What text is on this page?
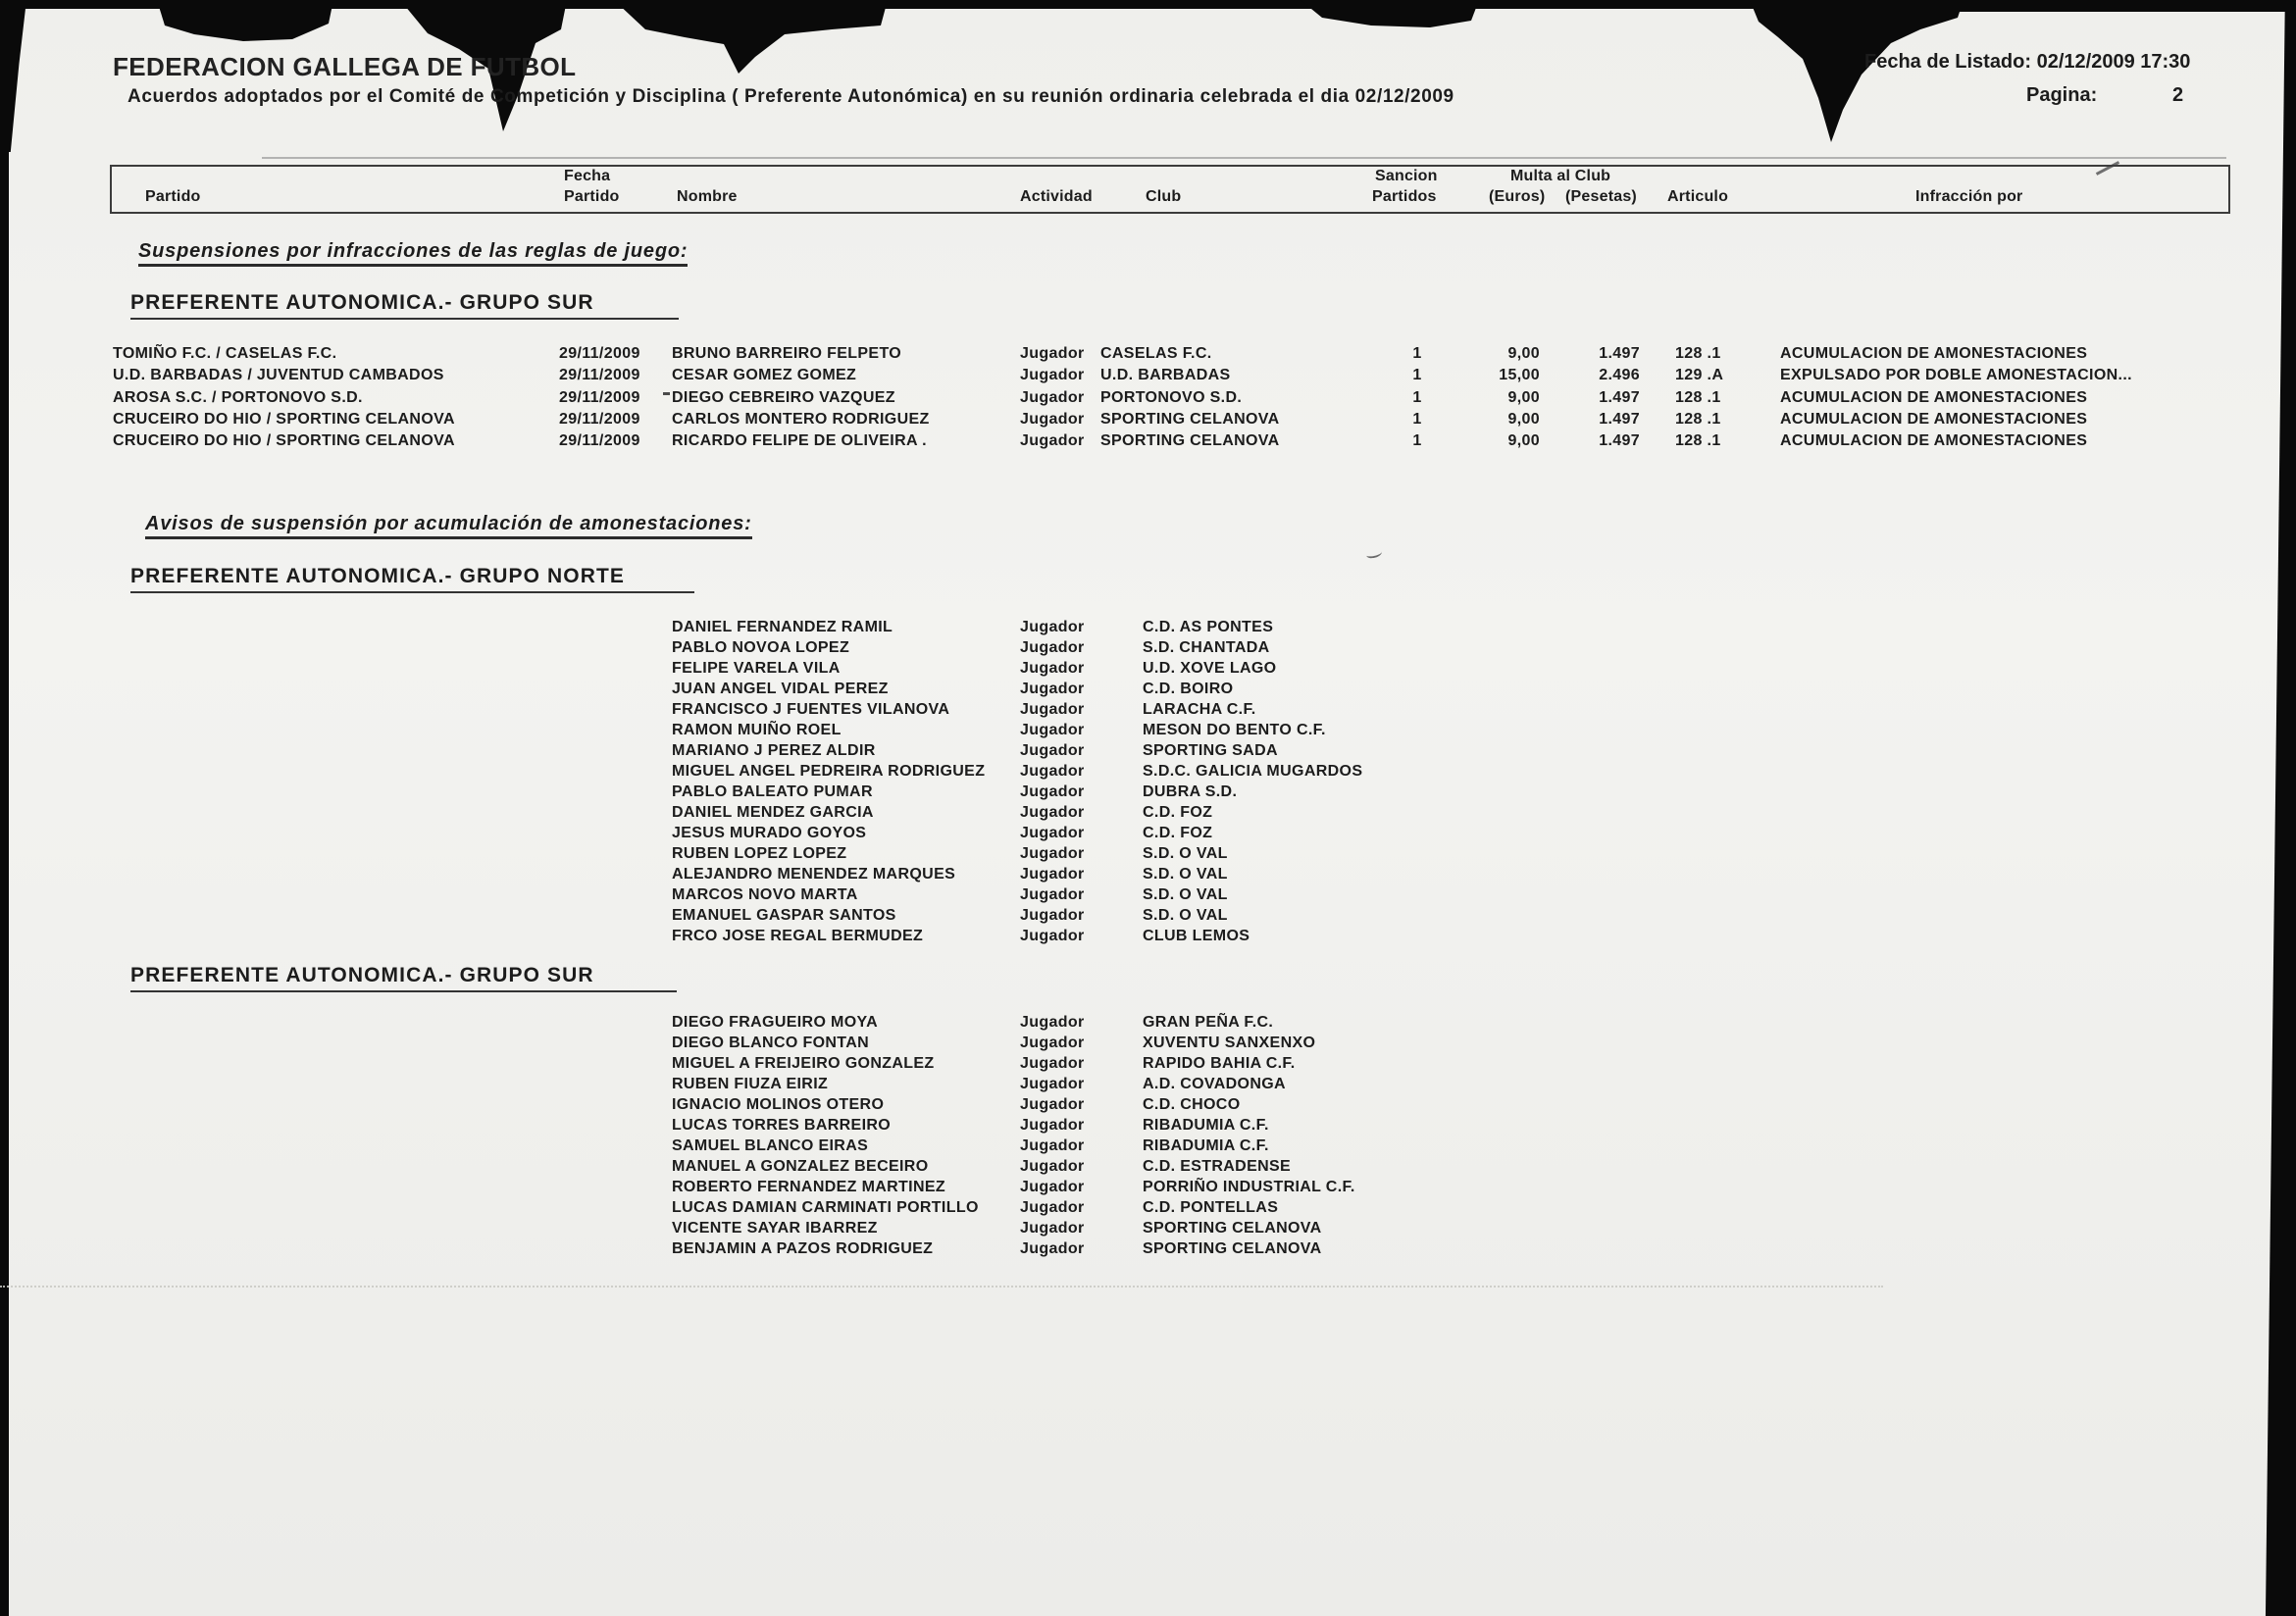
FEDERACION GALLEGA DE FUTBOL
Acuerdos adoptados por el Comité de Competición y Disciplina ( Preferente Autonómica) en su reunión ordinaria celebrada el dia 02/12/2009
Fecha de Listado: 02/12/2009 17:30
Pagina:	2
Partido
Fecha
Partido	Nombre	Actividad	Club
Sancion
Partidos
Multa al Club
(Euros) (Pesetas) Articulo	Infracción por
Suspensiones por infracciones de las reglas de juego:
PREFERENTE AUTONOMICA.- GRUPO SUR
TOMIÑO F.C. / CASELAS F.C.	29/11/2009 BRUNO BARREIRO FELPETO	Jugador CASELAS F.C.	1	9,00	1.497 128 .1	ACUMULACION DE AMONESTACIONES
U.D. BARBADAS / JUVENTUD CAMBADOS	29/11/2009 CESAR GOMEZ GOMEZ	Jugador U.D. BARBADAS	1	15,00	2.496 129 .A	EXPULSADO POR DOBLE AMONESTACION...
AROSA S.C. / PORTONOVO S.D.	29/11/2009 DIEGO CEBREIRO VAZQUEZ	Jugador PORTONOVO S.D.	1	9,00	1.497 128 .1	ACUMULACION DE AMONESTACIONES
CRUCEIRO DO HIO / SPORTING CELANOVA	29/11/2009 CARLOS MONTERO RODRIGUEZ	Jugador SPORTING CELANOVA	1	9,00	1.497 128 .1	ACUMULACION DE AMONESTACIONES
CRUCEIRO DO HIO / SPORTING CELANOVA	29/11/2009 RICARDO FELIPE DE OLIVEIRA .	Jugador SPORTING CELANOVA	1	9,00	1.497 128 .1	ACUMULACION DE AMONESTACIONES
Avisos de suspensión por acumulación de amonestaciones:
PREFERENTE AUTONOMICA.- GRUPO NORTE
DANIEL FERNANDEZ RAMIL	Jugador	C.D. AS PONTES
PABLO NOVOA LOPEZ	Jugador	S.D. CHANTADA
FELIPE VARELA VILA	Jugador	U.D. XOVE LAGO
JUAN ANGEL VIDAL PEREZ	Jugador	C.D. BOIRO
FRANCISCO J FUENTES VILANOVA	Jugador	LARACHA C.F.
RAMON MUIÑO ROEL	Jugador	MESON DO BENTO C.F.
MARIANO J PEREZ ALDIR	Jugador	SPORTING SADA
MIGUEL ANGEL PEDREIRA RODRIGUEZ Jugador	S.D.C. GALICIA MUGARDOS
PABLO BALEATO PUMAR	Jugador	DUBRA S.D.
DANIEL MENDEZ GARCIA	Jugador	C.D. FOZ
JESUS MURADO GOYOS	Jugador	C.D. FOZ
RUBEN LOPEZ LOPEZ	Jugador	S.D. O VAL
ALEJANDRO MENENDEZ MARQUES	Jugador	S.D. O VAL
MARCOS NOVO MARTA	Jugador	S.D. O VAL
EMANUEL GASPAR SANTOS	Jugador	S.D. O VAL
FRCO JOSE REGAL BERMUDEZ	Jugador	CLUB LEMOS
PREFERENTE AUTONOMICA.- GRUPO SUR
DIEGO FRAGUEIRO MOYA	Jugador	GRAN PEÑA F.C.
DIEGO BLANCO FONTAN	Jugador	XUVENTU SANXENXO
MIGUEL A FREIJEIRO GONZALEZ	Jugador	RAPIDO BAHIA C.F.
RUBEN FIUZA EIRIZ	Jugador	A.D. COVADONGA
IGNACIO MOLINOS OTERO	Jugador	C.D. CHOCO
LUCAS TORRES BARREIRO	Jugador	RIBADUMIA C.F.
SAMUEL BLANCO EIRAS	Jugador	RIBADUMIA C.F.
MANUEL A GONZALEZ BECEIRO	Jugador	C.D. ESTRADENSE
ROBERTO FERNANDEZ MARTINEZ	Jugador	PORRIÑO INDUSTRIAL C.F.
LUCAS DAMIAN CARMINATI PORTILLO	Jugador	C.D. PONTELLAS
VICENTE SAYAR IBARREZ	Jugador	SPORTING CELANOVA
BENJAMIN A PAZOS RODRIGUEZ	Jugador	SPORTING CELANOVA
